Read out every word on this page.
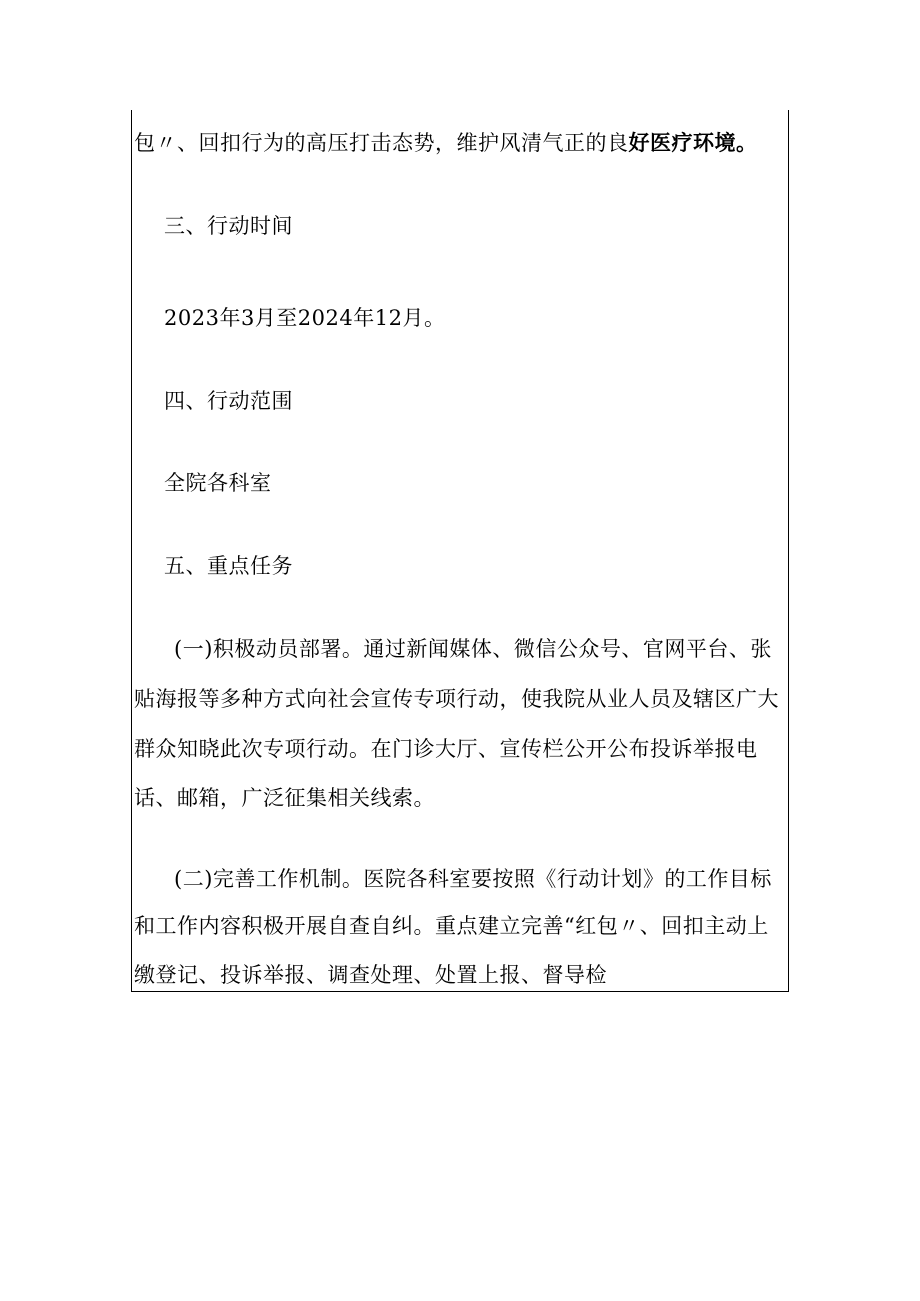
包〃、回扣行为的高压打击态势，维护风清气正的良好医疗环境。
三、行动时间
2023年3月至2024年12月。
四、行动范围
全院各科室
五、重点任务
(一)积极动员部署。通过新闻媒体、微信公众号、官网平台、张
贴海报等多种方式向社会宣传专项行动，使我院从业人员及辖区广大
群众知晓此次专项行动。在门诊大厅、宣传栏公开公布投诉举报电
话、邮箱，广泛征集相关线索。
(二)完善工作机制。医院各科室要按照《行动计划》的工作目标
和工作内容积极开展自查自纠。重点建立完善“红包〃、回扣主动上
缴登记、投诉举报、调查处理、处置上报、督导检
